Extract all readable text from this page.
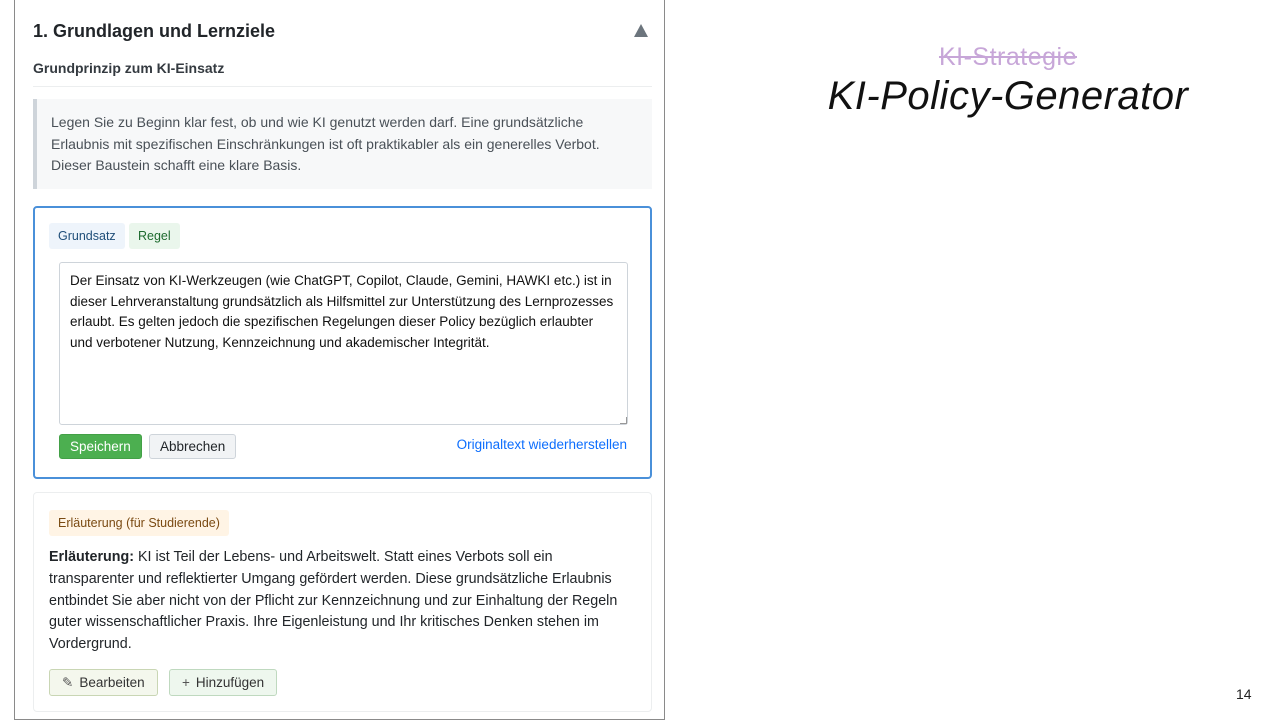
1. Grundlagen und Lernziele
Grundprinzip zum KI-Einsatz
Legen Sie zu Beginn klar fest, ob und wie KI genutzt werden darf. Eine grundsätzliche Erlaubnis mit spezifischen Einschränkungen ist oft praktikabler als ein generelles Verbot. Dieser Baustein schafft eine klare Basis.
Grundsatz	Regel
Der Einsatz von KI-Werkzeugen (wie ChatGPT, Copilot, Claude, Gemini, HAWKI etc.) ist in dieser Lehrveranstaltung grundsätzlich als Hilfsmittel zur Unterstützung des Lernprozesses erlaubt. Es gelten jedoch die spezifischen Regelungen dieser Policy bezüglich erlaubter und verbotener Nutzung, Kennzeichnung und akademischer Integrität.
Speichern	Abbrechen	Originaltext wiederherstellen
Erläuterung (für Studierende)
Erläuterung: KI ist Teil der Lebens- und Arbeitswelt. Statt eines Verbots soll ein transparenter und reflektierter Umgang gefördert werden. Diese grundsätzliche Erlaubnis entbindet Sie aber nicht von der Pflicht zur Kennzeichnung und zur Einhaltung der Regeln guter wissenschaftlicher Praxis. Ihre Eigenleistung und Ihr kritisches Denken stehen im Vordergrund.
✎ Bearbeiten	+ Hinzufügen
KI-Strategie
KI-Policy-Generator
14
